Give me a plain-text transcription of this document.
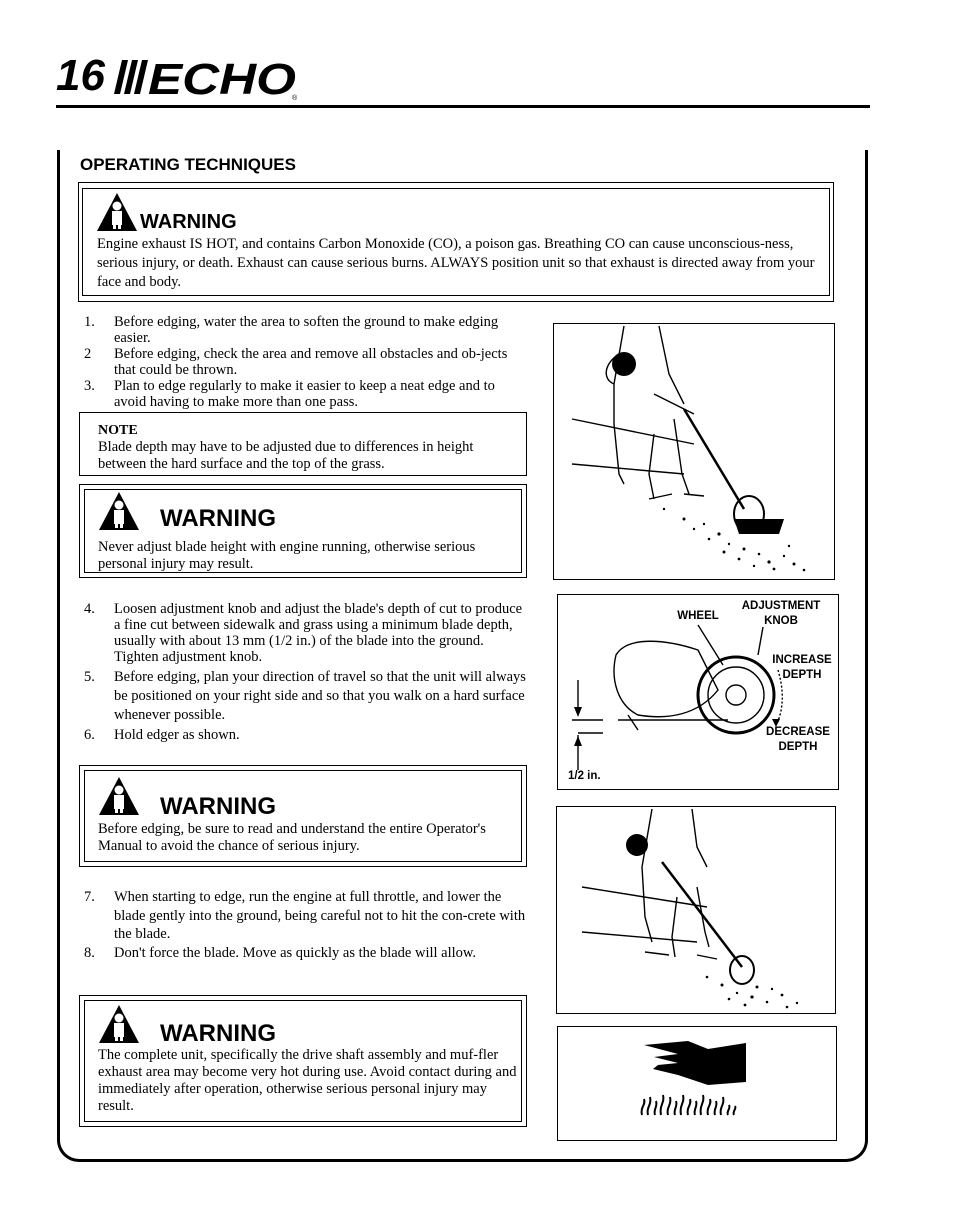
16 ECHO
®
OPERATING TECHNIQUES
WARNING
Engine exhaust IS HOT, and contains Carbon Monoxide (CO), a poison gas. Breathing CO can cause unconscious-ness, serious injury, or death. Exhaust can cause serious burns. ALWAYS position unit so that exhaust is directed away from your face and body.
1.	Before edging, water the area to soften the ground to make edging easier.
2	Before edging, check the area and remove all obstacles and ob-jects that could be thrown.
3.	Plan to edge regularly to make it easier to keep a neat edge and to avoid having to make more than one pass.
NOTE
Blade depth may have to be adjusted due to differences in height between the hard surface and the top of the grass.
WARNING
Never adjust blade height with engine running, otherwise serious personal injury may result.
4.	Loosen adjustment knob and adjust the blade's depth of cut to produce a fine cut between sidewalk and grass using a minimum blade depth, usually with about 13 mm (1/2 in.) of the blade into the ground. Tighten adjustment knob.
5.	Before edging, plan your direction of travel so that the unit will always be positioned on your right side and so that you walk on a hard surface whenever possible.
6.	Hold edger as shown.
WARNING
Before edging, be sure to read and understand the entire Operator's Manual to avoid the chance of serious injury.
7.	When starting to edge, run the engine at full throttle, and lower the blade gently into the ground, being careful not to hit the con-crete with the blade.
8.	Don't force the blade. Move as quickly as the blade will allow.
WARNING
The complete unit, specifically the drive shaft assembly and muf-fler exhaust area may become very hot during use. Avoid contact during and immediately after operation, otherwise serious personal injury may result.
WHEEL
ADJUSTMENT
KNOB
INCREASE
DEPTH
DECREASE
DEPTH
1/2 in.
